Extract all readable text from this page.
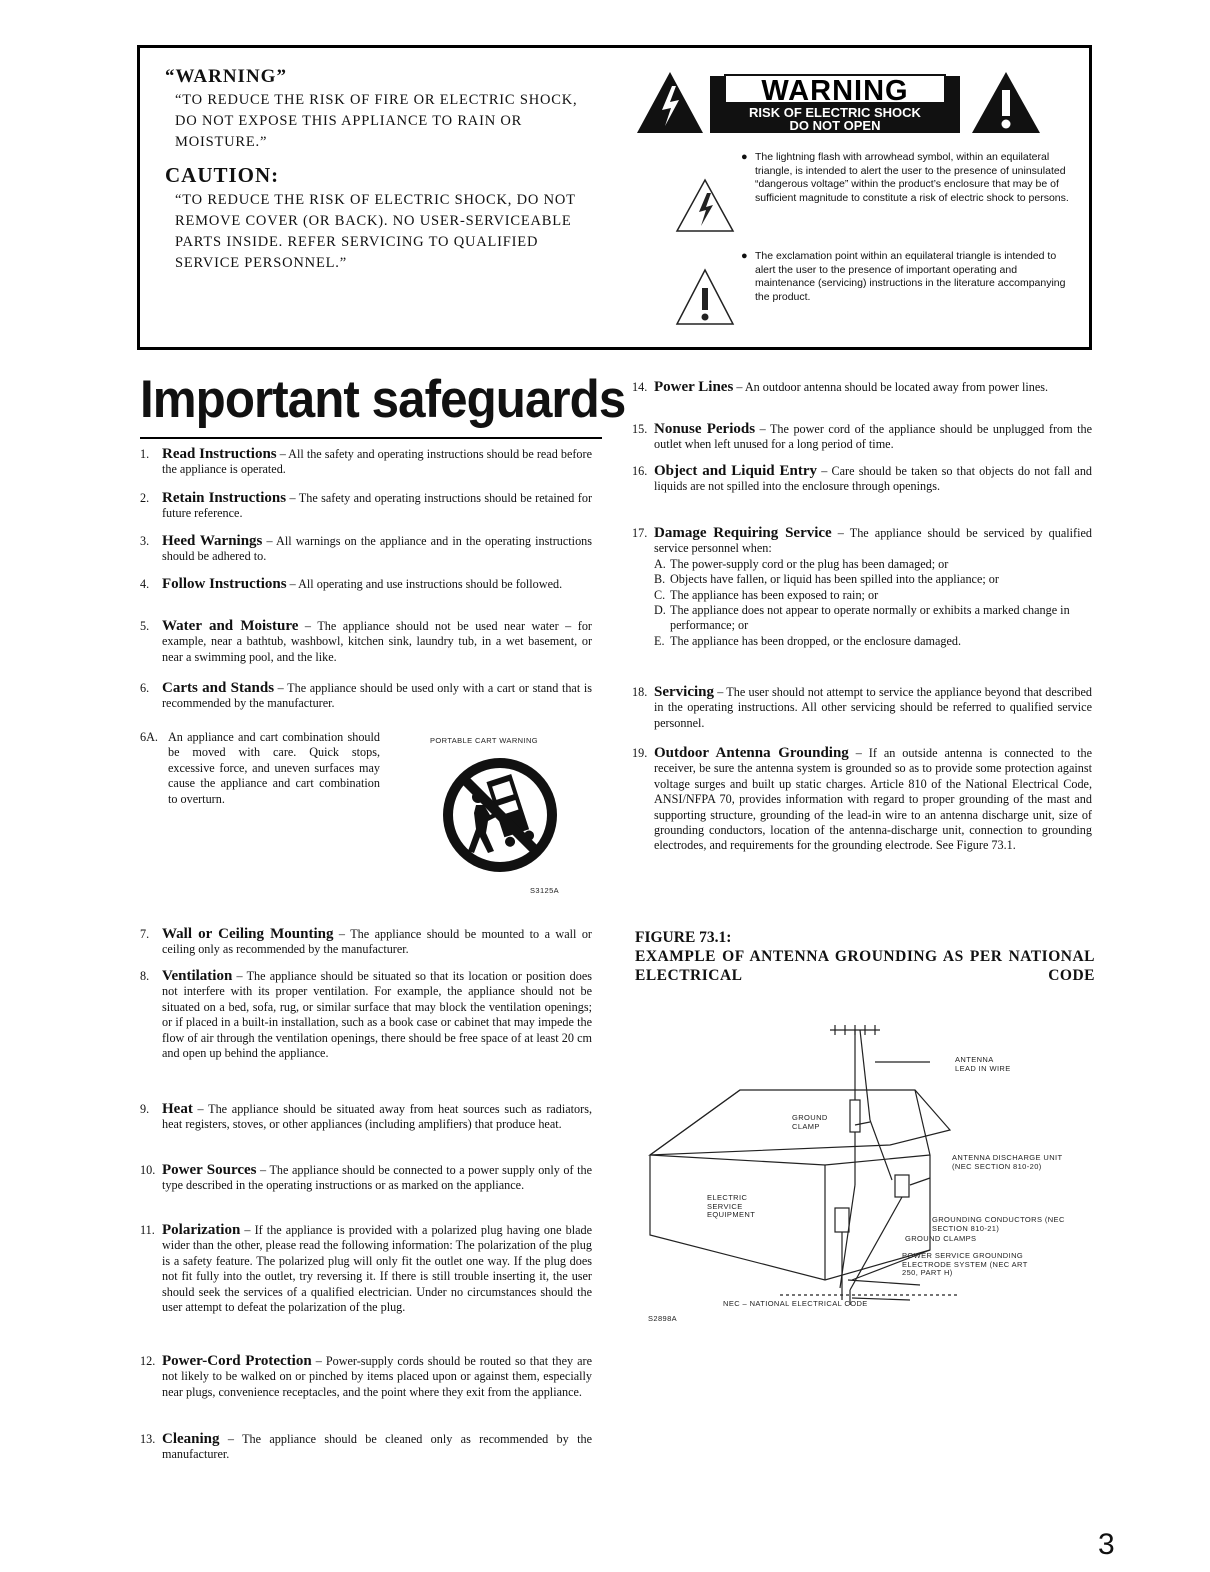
“WARNING”

“TO REDUCE THE RISK OF FIRE OR ELECTRIC SHOCK, DO NOT EXPOSE THIS APPLIANCE TO RAIN OR MOISTURE.”

CAUTION:

“TO REDUCE THE RISK OF ELECTRIC SHOCK, DO NOT REMOVE COVER (OR BACK). NO USER-SERVICEABLE PARTS INSIDE. REFER SERVICING TO QUALIFIED SERVICE PERSONNEL.”

WARNING
RISK OF ELECTRIC SHOCK
DO NOT OPEN
● The lightning flash with arrowhead symbol, within an equilateral triangle, is intended to alert the user to the presence of uninsulated “dangerous voltage” within the product’s enclosure that may be of sufficient magnitude to constitute a risk of electric shock to persons.
● The exclamation point within an equilateral triangle is intended to alert the user to the presence of important operating and maintenance (servicing) instructions in the literature accompanying the product.
Important safeguards
1. Read Instructions – All the safety and operating instructions should be read before the appliance is operated.
2. Retain Instructions – The safety and operating instructions should be retained for future reference.
3. Heed Warnings – All warnings on the appliance and in the operating instructions should be adhered to.
4. Follow Instructions – All operating and use instructions should be followed.
5. Water and Moisture – The appliance should not be used near water – for example, near a bathtub, washbowl, kitchen sink, laundry tub, in a wet basement, or near a swimming pool, and the like.
6. Carts and Stands – The appliance should be used only with a cart or stand that is recommended by the manufacturer.
6A. An appliance and cart combination should be moved with care. Quick stops, excessive force, and uneven surfaces may cause the appliance and cart combination to overturn.
PORTABLE CART WARNING
S3125A
7. Wall or Ceiling Mounting – The appliance should be mounted to a wall or ceiling only as recommended by the manufacturer.
8. Ventilation – The appliance should be situated so that its location or position does not interfere with its proper ventilation. For example, the appliance should not be situated on a bed, sofa, rug, or similar surface that may block the ventilation openings; or if placed in a built-in installation, such as a book case or cabinet that may impede the flow of air through the ventilation openings, there should be free space of at least 20 cm and open up behind the appliance.
9. Heat – The appliance should be situated away from heat sources such as radiators, heat registers, stoves, or other appliances (including amplifiers) that produce heat.
10. Power Sources – The appliance should be connected to a power supply only of the type described in the operating instructions or as marked on the appliance.
11. Polarization – If the appliance is provided with a polarized plug having one blade wider than the other, please read the following information: The polarization of the plug is a safety feature. The polarized plug will only fit the outlet one way. If the plug does not fit fully into the outlet, try reversing it. If there is still trouble inserting it, the user should seek the services of a qualified electrician. Under no circumstances should the user attempt to defeat the polarization of the plug.
12. Power-Cord Protection – Power-supply cords should be routed so that they are not likely to be walked on or pinched by items placed upon or against them, especially near plugs, convenience receptacles, and the point where they exit from the appliance.
13. Cleaning – The appliance should be cleaned only as recommended by the manufacturer.
14. Power Lines – An outdoor antenna should be located away from power lines.
15. Nonuse Periods – The power cord of the appliance should be unplugged from the outlet when left unused for a long period of time.
16. Object and Liquid Entry – Care should be taken so that objects do not fall and liquids are not spilled into the enclosure through openings.
17. Damage Requiring Service – The appliance should be serviced by qualified service personnel when:
A. The power-supply cord or the plug has been damaged; or
B. Objects have fallen, or liquid has been spilled into the appliance; or
C. The appliance has been exposed to rain; or
D. The appliance does not appear to operate normally or exhibits a marked change in performance; or
E. The appliance has been dropped, or the enclosure damaged.
18. Servicing – The user should not attempt to service the appliance beyond that described in the operating instructions. All other servicing should be referred to qualified service personnel.
19. Outdoor Antenna Grounding – If an outside antenna is connected to the receiver, be sure the antenna system is grounded so as to provide some protection against voltage surges and built up static charges. Article 810 of the National Electrical Code, ANSI/NFPA 70, provides information with regard to proper grounding of the mast and supporting structure, grounding of the lead-in wire to an antenna discharge unit, size of grounding conductors, location of the antenna-discharge unit, connection to grounding electrodes, and requirements for the grounding electrode. See Figure 73.1.
FIGURE 73.1:
EXAMPLE OF ANTENNA GROUNDING AS PER NATIONAL ELECTRICAL CODE
ANTENNA LEAD IN WIRE
GROUND CLAMP
ANTENNA DISCHARGE UNIT (NEC SECTION 810-20)
ELECTRIC SERVICE EQUIPMENT
GROUNDING CONDUCTORS (NEC SECTION 810-21)
GROUND CLAMPS
POWER SERVICE GROUNDING ELECTRODE SYSTEM (NEC ART 250, PART H)
NEC – NATIONAL ELECTRICAL CODE
S2898A
3
